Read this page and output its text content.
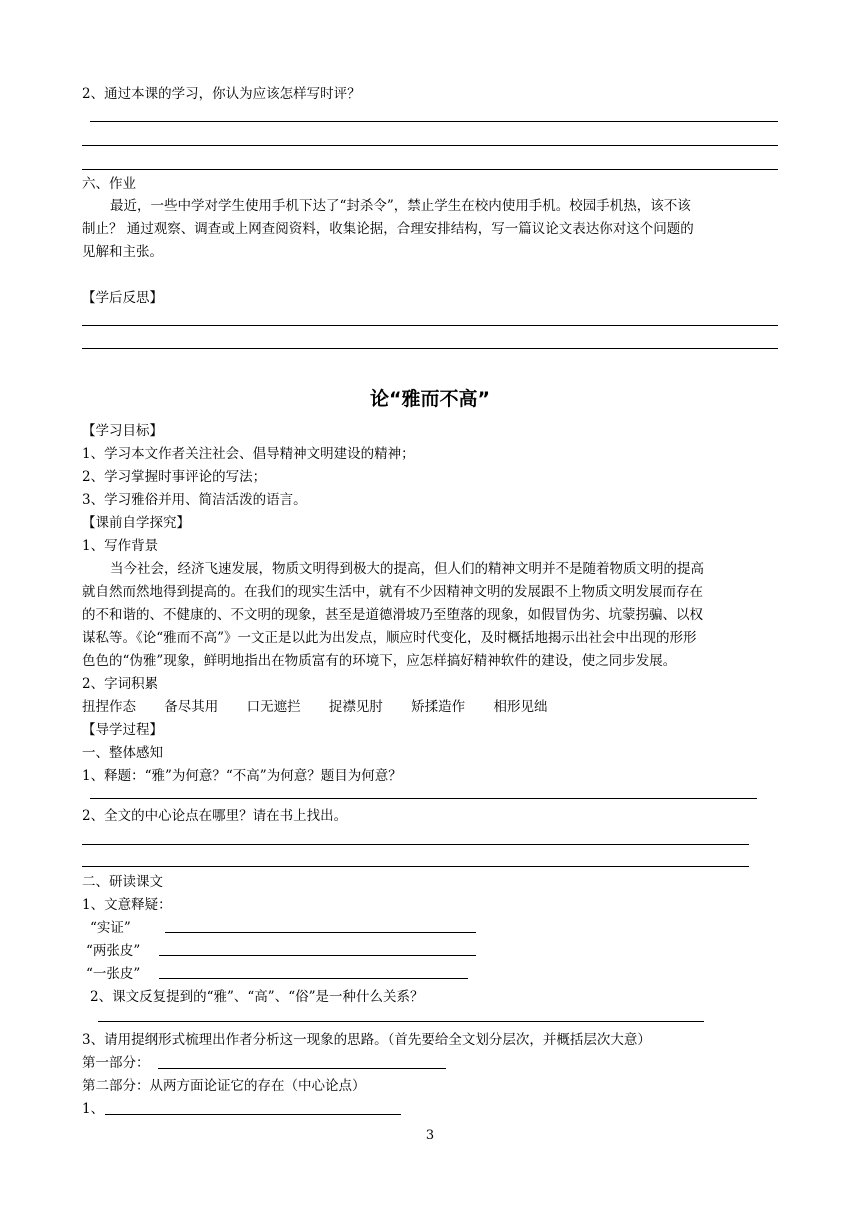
2、通过本课的学习，你认为应该怎样写时评？
六、作业
最近，一些中学对学生使用手机下达了“封杀令”，禁止学生在校内使用手机。校园手机热，该不该
制止？ 通过观察、调查或上网查阅资料，收集论据，合理安排结构，写一篇议论文表达你对这个问题的
见解和主张。
【学后反思】
论“雅而不高”
【学习目标】
1、学习本文作者关注社会、倡导精神文明建设的精神；
2、学习掌握时事评论的写法；
3、学习雅俗并用、简洁活泼的语言。
【课前自学探究】
1、写作背景
当今社会，经济飞速发展，物质文明得到极大的提高，但人们的精神文明并不是随着物质文明的提高
就自然而然地得到提高的。在我们的现实生活中，就有不少因精神文明的发展跟不上物质文明发展而存在
的不和谐的、不健康的、不文明的现象，甚至是道德滑坡乃至堕落的现象，如假冒伪劣、坑蒙拐骗、以权
谋私等。《论“雅而不高”》一文正是以此为出发点，顺应时代变化，及时概括地揭示出社会中出现的形形
色色的“伪雅”现象，鲜明地指出在物质富有的环境下，应怎样搞好精神软件的建设，使之同步发展。
2、字词积累
扭捏作态 备尽其用 口无遮拦 捉襟见肘 矫揉造作 相形见绌
【导学过程】
一、整体感知
1、释题：“雅”为何意？“不高”为何意？题目为何意？
2、全文的中心论点在哪里？请在书上找出。
二、研读课文
1、文意释疑：
“实证”
“两张皮”
“一张皮”
2、课文反复提到的“雅”、“高”、“俗”是一种什么关系？
3、请用提纲形式梳理出作者分析这一现象的思路。（首先要给全文划分层次，并概括层次大意）
第一部分：
第二部分：从两方面论证它的存在（中心论点）
1、
3
